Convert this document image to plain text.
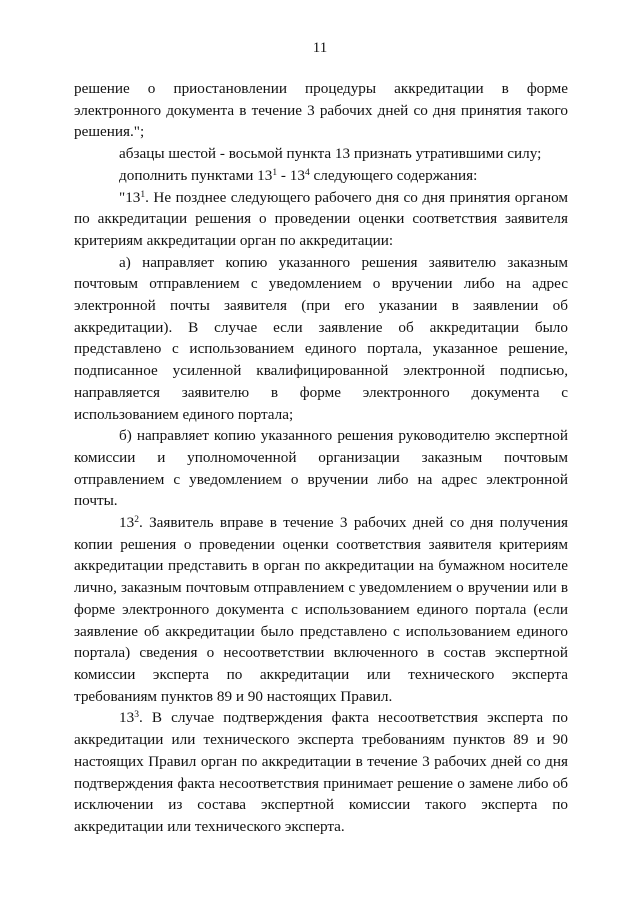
11

решение о приостановлении процедуры аккредитации в форме электронного документа в течение 3 рабочих дней со дня принятия такого решения.";

абзацы шестой - восьмой пункта 13 признать утратившими силу;

дополнить пунктами $13^1 - 13^4$ следующего содержания:

"$13^1$. Не позднее следующего рабочего дня со дня принятия органом по аккредитации решения о проведении оценки соответствия заявителя критериям аккредитации орган по аккредитации:

а) направляет копию указанного решения заявителю заказным почтовым отправлением с уведомлением о вручении либо на адрес электронной почты заявителя (при его указании в заявлении об аккредитации). В случае если заявление об аккредитации было представлено с использованием единого портала, указанное решение, подписанное усиленной квалифицированной электронной подписью, направляется заявителю в форме электронного документа с использованием единого портала;

б) направляет копию указанного решения руководителю экспертной комиссии и уполномоченной организации заказным почтовым отправлением с уведомлением о вручении либо на адрес электронной почты.

$13^2$. Заявитель вправе в течение 3 рабочих дней со дня получения копии решения о проведении оценки соответствия заявителя критериям аккредитации представить в орган по аккредитации на бумажном носителе лично, заказным почтовым отправлением с уведомлением о вручении или в форме электронного документа с использованием единого портала (если заявление об аккредитации было представлено с использованием единого портала) сведения о несоответствии включенного в состав экспертной комиссии эксперта по аккредитации или технического эксперта требованиям пунктов 89 и 90 настоящих Правил.

$13^3$. В случае подтверждения факта несоответствия эксперта по аккредитации или технического эксперта требованиям пунктов 89 и 90 настоящих Правил орган по аккредитации в течение 3 рабочих дней со дня подтверждения факта несоответствия принимает решение о замене либо об исключении из состава экспертной комиссии такого эксперта по аккредитации или технического эксперта.
